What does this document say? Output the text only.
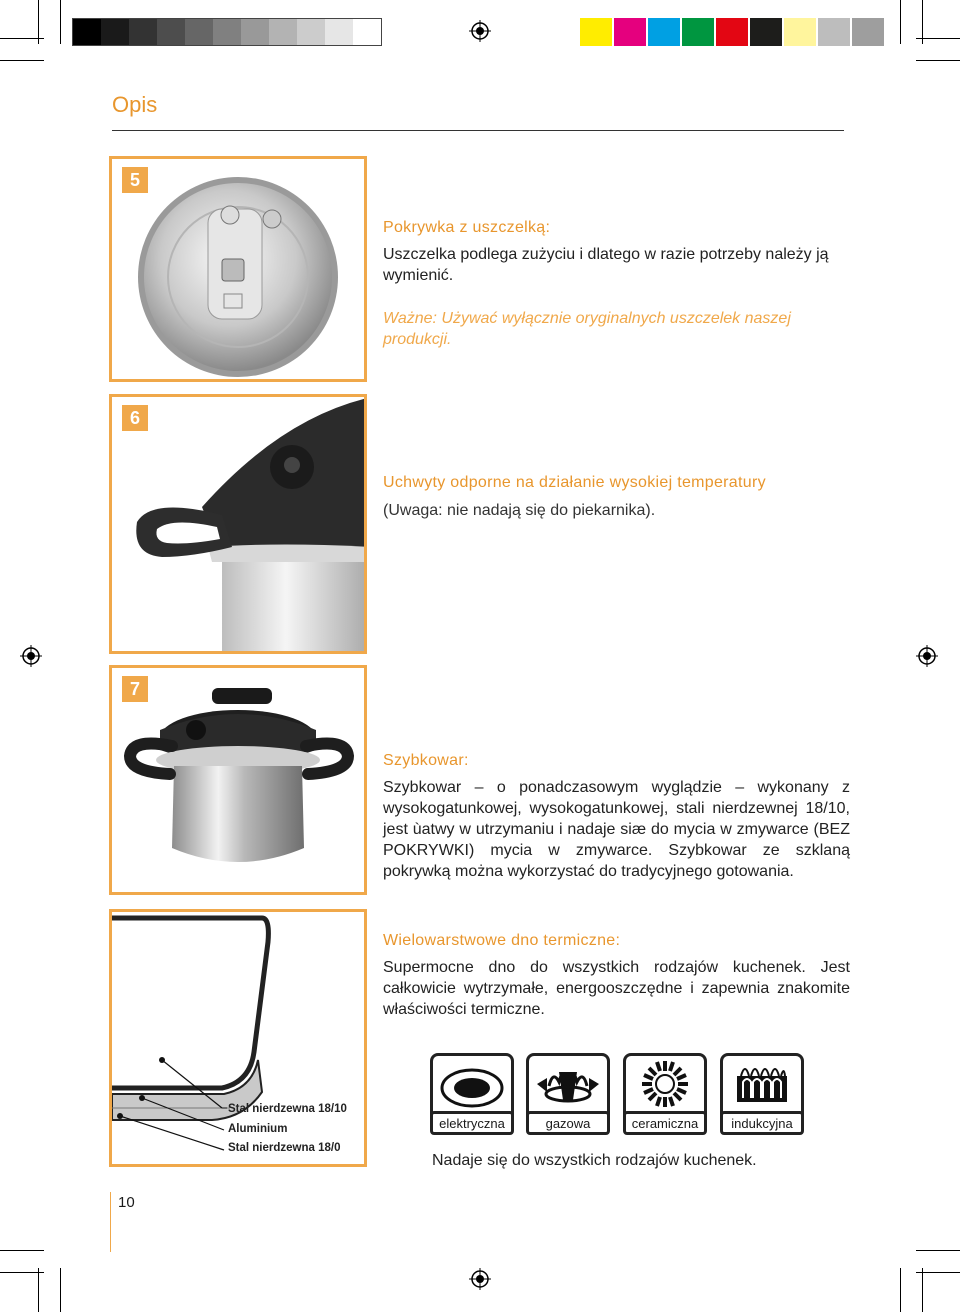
Opis
5
Pokrywka z uszczelką:
Uszczelka podlega zużyciu i dlatego w razie potrzeby należy ją wymienić.
Ważne: Używać wyłącznie oryginalnych uszczelek naszej produkcji.
6
Uchwyty odporne na działanie wysokiej temperatury
(Uwaga: nie nadają się do piekarnika).
7
Szybkowar:
Szybkowar – o ponadczasowym wyglądzie – wykonany z wysokogatunkowej, wysokogatunkowej, stali nierdzewnej 18/10, jest ùatwy w utrzymaniu i nadaje siæ do mycia w zmywarce (BEZ POKRYWKI) mycia w zmywarce. Szybkowar ze szklaną pokrywką można wykorzystać do tradycyjnego gotowania.
Stal nierdzewna 18/10
Aluminium
Stal nierdzewna 18/0
Wielowarstwowe dno termiczne:
Supermocne dno do wszystkich rodzajów kuchenek. Jest całkowicie wytrzymałe, energooszczędne i zapewnia znakomite właściwości termiczne.
elektryczna	gazowa	ceramiczna	indukcyjna
Nadaje się do wszystkich rodzajów kuchenek.
10
